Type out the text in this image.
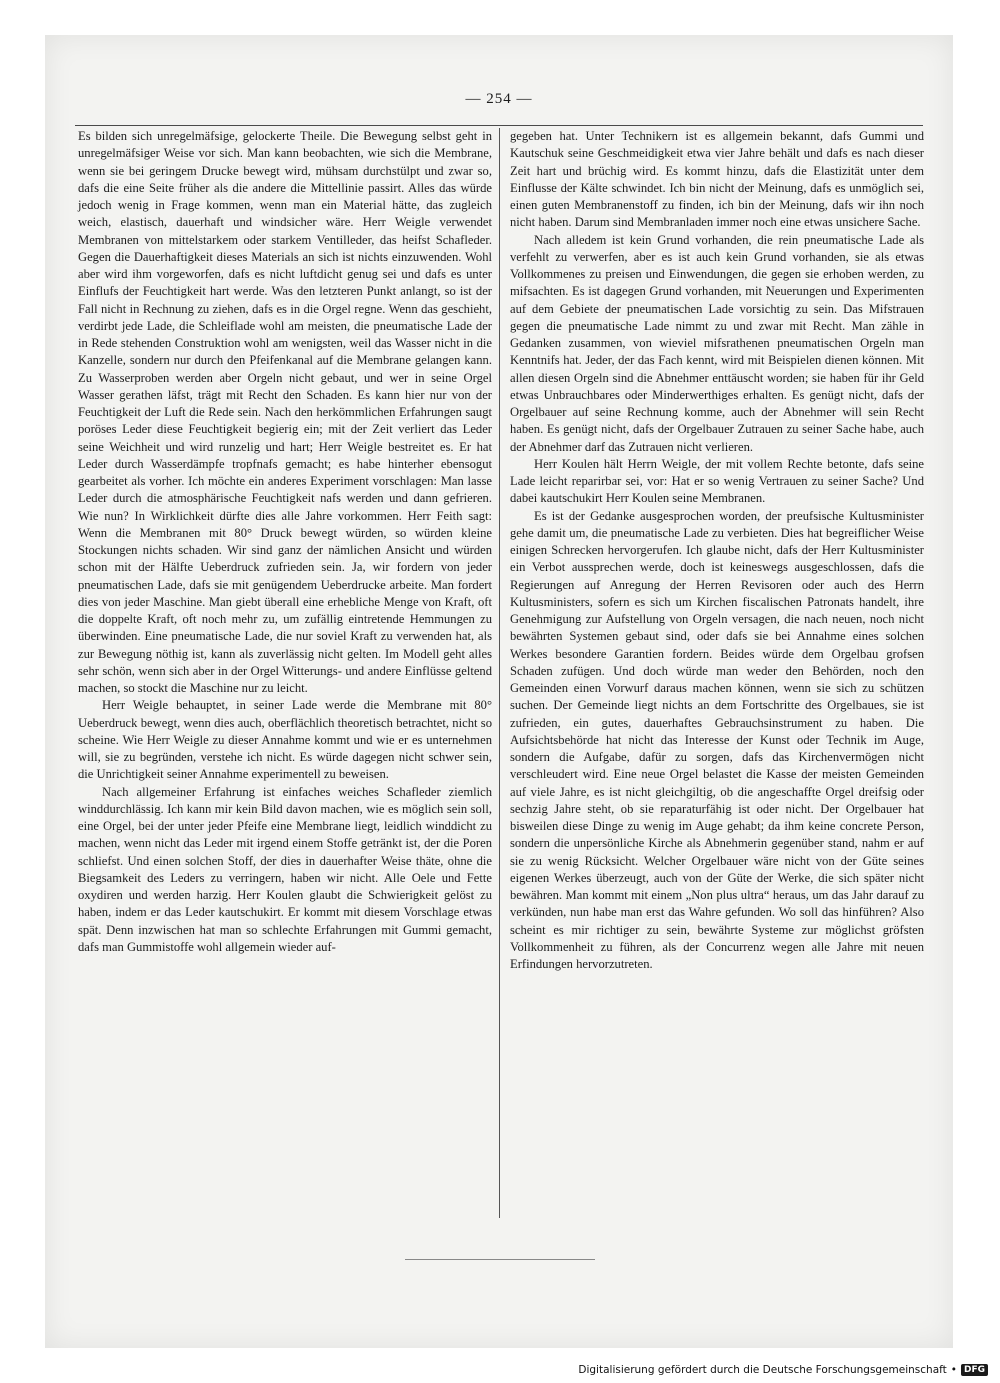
— 254 —

Es bilden sich unregelmäfsige, gelockerte Theile. Die Bewegung selbst geht in unregelmäfsiger Weise vor sich. Man kann beobachten, wie sich die Membrane, wenn sie bei geringem Drucke bewegt wird, mühsam durchstülpt und zwar so, dafs die eine Seite früher als die andere die Mittellinie passirt. Alles das würde jedoch wenig in Frage kommen, wenn man ein Material hätte, das zugleich weich, elastisch, dauerhaft und windsicher wäre. Herr Weigle verwendet Membranen von mittelstarkem oder starkem Ventilleder, das heifst Schafleder. Gegen die Dauerhaftigkeit dieses Materials an sich ist nichts einzuwenden. Wohl aber wird ihm vorgeworfen, dafs es nicht luftdicht genug sei und dafs es unter Einflufs der Feuchtigkeit hart werde. Was den letzteren Punkt anlangt, so ist der Fall nicht in Rechnung zu ziehen, dafs es in die Orgel regne. Wenn das geschieht, verdirbt jede Lade, die Schleiflade wohl am meisten, die pneumatische Lade der in Rede stehenden Construktion wohl am wenigsten, weil das Wasser nicht in die Kanzelle, sondern nur durch den Pfeifenkanal auf die Membrane gelangen kann. Zu Wasserproben werden aber Orgeln nicht gebaut, und wer in seine Orgel Wasser gerathen läfst, trägt mit Recht den Schaden. Es kann hier nur von der Feuchtigkeit der Luft die Rede sein. Nach den herkömmlichen Erfahrungen saugt poröses Leder diese Feuchtigkeit begierig ein; mit der Zeit verliert das Leder seine Weichheit und wird runzelig und hart; Herr Weigle bestreitet es. Er hat Leder durch Wasserdämpfe tropfnafs gemacht; es habe hinterher ebensogut gearbeitet als vorher. Ich möchte ein anderes Experiment vorschlagen: Man lasse Leder durch die atmosphärische Feuchtigkeit nafs werden und dann gefrieren. Wie nun? In Wirklichkeit dürfte dies alle Jahre vorkommen. Herr Feith sagt: Wenn die Membranen mit 80° Druck bewegt würden, so würden kleine Stockungen nichts schaden. Wir sind ganz der nämlichen Ansicht und würden schon mit der Hälfte Ueberdruck zufrieden sein. Ja, wir fordern von jeder pneumatischen Lade, dafs sie mit genügendem Ueberdrucke arbeite. Man fordert dies von jeder Maschine. Man giebt überall eine erhebliche Menge von Kraft, oft die doppelte Kraft, oft noch mehr zu, um zufällig eintretende Hemmungen zu überwinden. Eine pneumatische Lade, die nur soviel Kraft zu verwenden hat, als zur Bewegung nöthig ist, kann als zuverlässig nicht gelten. Im Modell geht alles sehr schön, wenn sich aber in der Orgel Witterungs- und andere Einflüsse geltend machen, so stockt die Maschine nur zu leicht.

Herr Weigle behauptet, in seiner Lade werde die Membrane mit 80° Ueberdruck bewegt, wenn dies auch, oberflächlich theoretisch betrachtet, nicht so scheine. Wie Herr Weigle zu dieser Annahme kommt und wie er es unternehmen will, sie zu begründen, verstehe ich nicht. Es würde dagegen nicht schwer sein, die Unrichtigkeit seiner Annahme experimentell zu beweisen.

Nach allgemeiner Erfahrung ist einfaches weiches Schafleder ziemlich winddurchlässig. Ich kann mir kein Bild davon machen, wie es möglich sein soll, eine Orgel, bei der unter jeder Pfeife eine Membrane liegt, leidlich winddicht zu machen, wenn nicht das Leder mit irgend einem Stoffe getränkt ist, der die Poren schliefst. Und einen solchen Stoff, der dies in dauerhafter Weise thäte, ohne die Biegsamkeit des Leders zu verringern, haben wir nicht. Alle Oele und Fette oxydiren und werden harzig. Herr Koulen glaubt die Schwierigkeit gelöst zu haben, indem er das Leder kautschukirt. Er kommt mit diesem Vorschlage etwas spät. Denn inzwischen hat man so schlechte Erfahrungen mit Gummi gemacht, dafs man Gummistoffe wohl allgemein wieder auf-

gegeben hat. Unter Technikern ist es allgemein bekannt, dafs Gummi und Kautschuk seine Geschmeidigkeit etwa vier Jahre behält und dafs es nach dieser Zeit hart und brüchig wird. Es kommt hinzu, dafs die Elastizität unter dem Einflusse der Kälte schwindet. Ich bin nicht der Meinung, dafs es unmöglich sei, einen guten Membranenstoff zu finden, ich bin der Meinung, dafs wir ihn noch nicht haben. Darum sind Membranladen immer noch eine etwas unsichere Sache.

Nach alledem ist kein Grund vorhanden, die rein pneumatische Lade als verfehlt zu verwerfen, aber es ist auch kein Grund vorhanden, sie als etwas Vollkommenes zu preisen und Einwendungen, die gegen sie erhoben werden, zu mifsachten. Es ist dagegen Grund vorhanden, mit Neuerungen und Experimenten auf dem Gebiete der pneumatischen Lade vorsichtig zu sein. Das Mifstrauen gegen die pneumatische Lade nimmt zu und zwar mit Recht. Man zähle in Gedanken zusammen, von wieviel mifsrathenen pneumatischen Orgeln man Kenntnifs hat. Jeder, der das Fach kennt, wird mit Beispielen dienen können. Mit allen diesen Orgeln sind die Abnehmer enttäuscht worden; sie haben für ihr Geld etwas Unbrauchbares oder Minderwerthiges erhalten. Es genügt nicht, dafs der Orgelbauer auf seine Rechnung komme, auch der Abnehmer will sein Recht haben. Es genügt nicht, dafs der Orgelbauer Zutrauen zu seiner Sache habe, auch der Abnehmer darf das Zutrauen nicht verlieren.

Herr Koulen hält Herrn Weigle, der mit vollem Rechte betonte, dafs seine Lade leicht reparirbar sei, vor: Hat er so wenig Vertrauen zu seiner Sache? Und dabei kautschukirt Herr Koulen seine Membranen.

Es ist der Gedanke ausgesprochen worden, der preufsische Kultusminister gehe damit um, die pneumatische Lade zu verbieten. Dies hat begreiflicher Weise einigen Schrecken hervorgerufen. Ich glaube nicht, dafs der Herr Kultusminister ein Verbot aussprechen werde, doch ist keineswegs ausgeschlossen, dafs die Regierungen auf Anregung der Herren Revisoren oder auch des Herrn Kultusministers, sofern es sich um Kirchen fiscalischen Patronats handelt, ihre Genehmigung zur Aufstellung von Orgeln versagen, die nach neuen, noch nicht bewährten Systemen gebaut sind, oder dafs sie bei Annahme eines solchen Werkes besondere Garantien fordern. Beides würde dem Orgelbau grofsen Schaden zufügen. Und doch würde man weder den Behörden, noch den Gemeinden einen Vorwurf daraus machen können, wenn sie sich zu schützen suchen. Der Gemeinde liegt nichts an dem Fortschritte des Orgelbaues, sie ist zufrieden, ein gutes, dauerhaftes Gebrauchsinstrument zu haben. Die Aufsichtsbehörde hat nicht das Interesse der Kunst oder Technik im Auge, sondern die Aufgabe, dafür zu sorgen, dafs das Kirchenvermögen nicht verschleudert wird. Eine neue Orgel belastet die Kasse der meisten Gemeinden auf viele Jahre, es ist nicht gleichgiltig, ob die angeschaffte Orgel dreifsig oder sechzig Jahre steht, ob sie reparaturfähig ist oder nicht. Der Orgelbauer hat bisweilen diese Dinge zu wenig im Auge gehabt; da ihm keine concrete Person, sondern die unpersönliche Kirche als Abnehmerin gegenüber stand, nahm er auf sie zu wenig Rücksicht. Welcher Orgelbauer wäre nicht von der Güte seines eigenen Werkes überzeugt, auch von der Güte der Werke, die sich später nicht bewähren. Man kommt mit einem „Non plus ultra“ heraus, um das Jahr darauf zu verkünden, nun habe man erst das Wahre gefunden. Wo soll das hinführen? Also scheint es mir richtiger zu sein, bewährte Systeme zur möglichst gröfsten Vollkommenheit zu führen, als der Concurrenz wegen alle Jahre mit neuen Erfindungen hervorzutreten.

Digitalisierung gefördert durch die Deutsche Forschungsgemeinschaft • DFG
